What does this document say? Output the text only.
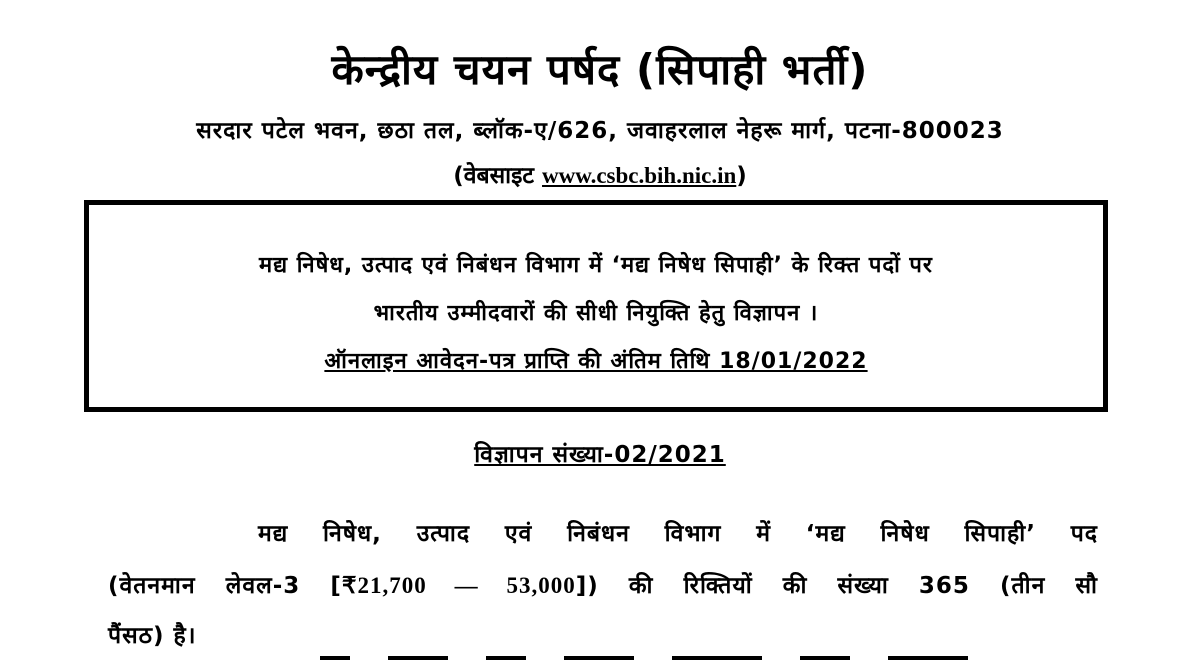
केन्द्रीय चयन पर्षद (सिपाही भर्ती)
सरदार पटेल भवन, छठा तल, ब्लॉक-ए/626, जवाहरलाल नेहरू मार्ग, पटना-800023
(वेबसाइट www.csbc.bih.nic.in)
मद्य निषेध, उत्पाद एवं निबंधन विभाग में ‘मद्य निषेध सिपाही’ के रिक्त पदों पर
भारतीय उम्मीदवारों की सीधी नियुक्ति हेतु विज्ञापन ।
ऑनलाइन आवेदन-पत्र प्राप्ति की अंतिम तिथि 18/01/2022
विज्ञापन संख्या-02/2021
मद्य निषेध, उत्पाद एवं निबंधन विभाग में ‘मद्य निषेध सिपाही’ पद
(वेतनमान लेवल-3 [₹21,700 — 53,000]) की रिक्तियों की संख्या 365 (तीन सौ
पैंसठ) है।
